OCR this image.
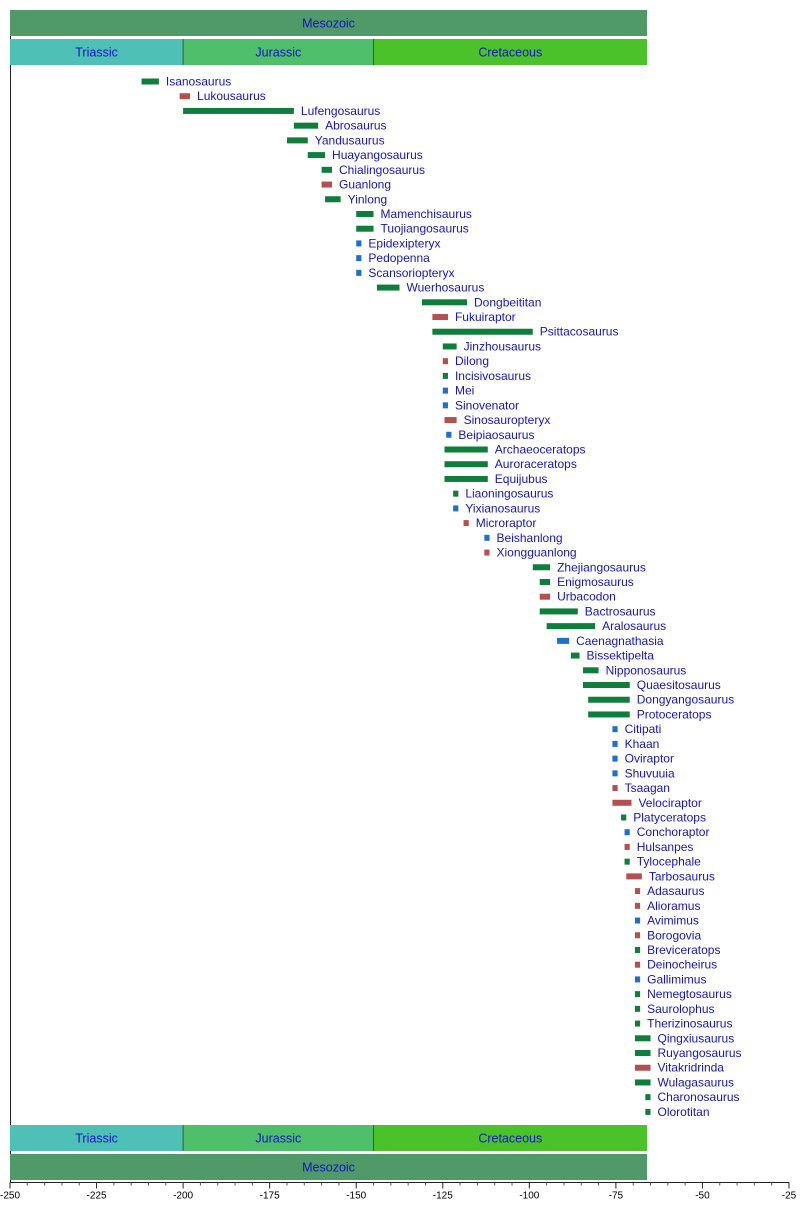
Mesozoic
Triassic	Jurassic	Cretaceous
Triassic	Jurassic	Cretaceous
Mesozoic
Isanosaurus
Lukousaurus
Lufengosaurus
Abrosaurus
Yandusaurus
Huayangosaurus
Chialingosaurus
Guanlong
Yinlong
Mamenchisaurus
Tuojiangosaurus
Epidexipteryx
Pedopenna
Scansoriopteryx
Wuerhosaurus
Dongbeititan
Fukuiraptor
Psittacosaurus
Jinzhousaurus
Dilong
Incisivosaurus
Mei
Sinovenator
Sinosauropteryx
Beipiaosaurus
Archaeoceratops
Auroraceratops
Equijubus
Liaoningosaurus
Yixianosaurus
Microraptor
Beishanlong
Xiongguanlong
Zhejiangosaurus
Enigmosaurus
Urbacodon
Bactrosaurus
Aralosaurus
Caenagnathasia
Bissektipelta
Nipponosaurus
Quaesitosaurus
Dongyangosaurus
Protoceratops
Citipati
Khaan
Oviraptor
Shuvuuia
Tsaagan
Velociraptor
Platyceratops
Conchoraptor
Hulsanpes
Tylocephale
Tarbosaurus
Adasaurus
Alioramus
Avimimus
Borogovia
Breviceratops
Deinocheirus
Gallimimus
Nemegtosaurus
Saurolophus
Therizinosaurus
Qingxiusaurus
Ruyangosaurus
Vitakridrinda
Wulagasaurus
Charonosaurus
Olorotitan
-250	-225	-200	-175	-150	-125	-100	-75	-50	-25
